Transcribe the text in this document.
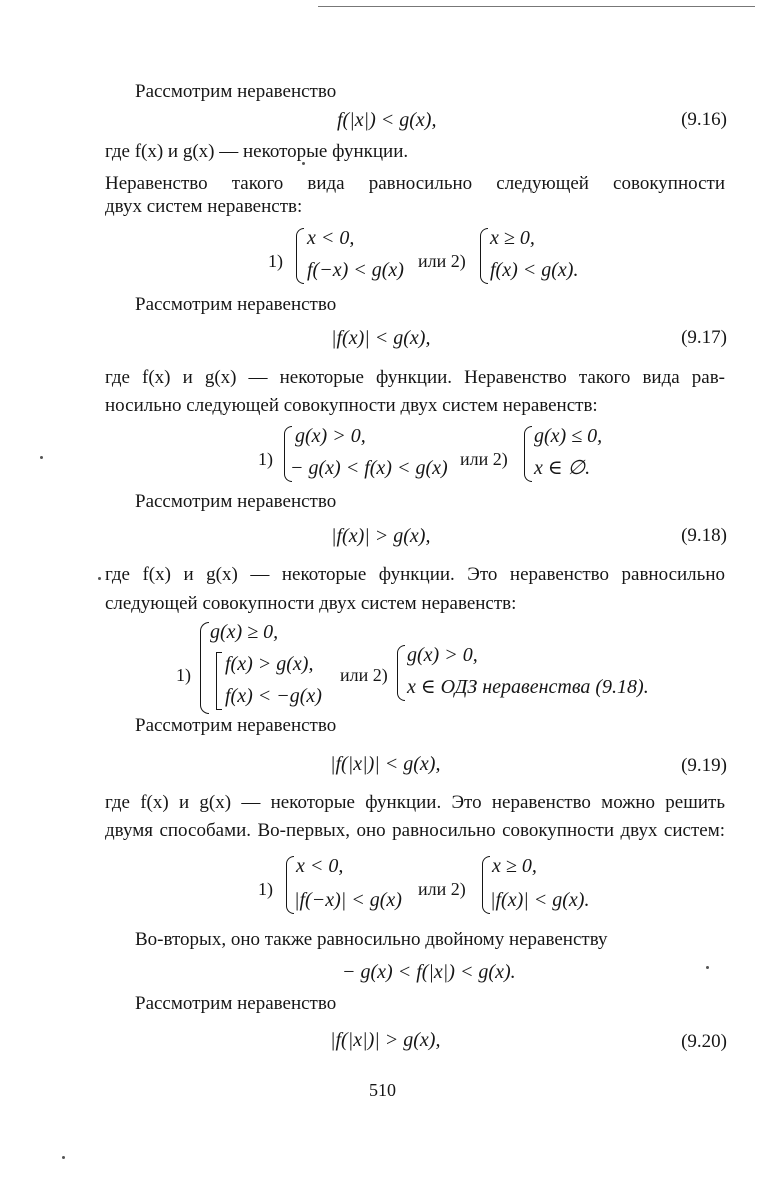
Рассмотрим неравенство
f(|x|) < g(x),	(9.16)
где f(x) и g(x) — некоторые функции.
Неравенство такого вида равносильно следующей совокупности
двух систем неравенств:
1)
x < 0,
f(−x) < g(x) или 2)
x ≥ 0,
f(x) < g(x).
Рассмотрим неравенство
|f(x)| < g(x),	(9.17)
где f(x) и g(x) — некоторые функции. Неравенство такого вида рав-
носильно следующей совокупности двух систем неравенств:
1)
g(x) > 0,
− g(x) < f(x) < g(x) или 2)
g(x) ≤ 0,
x ∈ ∅.
Рассмотрим неравенство
|f(x)| > g(x),	(9.18)
где f(x) и g(x) — некоторые функции. Это неравенство равносильно
следующей совокупности двух систем неравенств:
1)
g(x) ≥ 0,
f(x) > g(x),
f(x) < −g(x)
или 2)
g(x) > 0,
x ∈ ОДЗ неравенства (9.18).
Рассмотрим неравенство
|f(|x|)| < g(x),	(9.19)
где f(x) и g(x) — некоторые функции. Это неравенство можно решить
двумя способами. Во-первых, оно равносильно совокупности двух систем:
1)
x < 0,
|f(−x)| < g(x) или 2)
x ≥ 0,
|f(x)| < g(x).
Во-вторых, оно также равносильно двойному неравенству
− g(x) < f(|x|) < g(x).
Рассмотрим неравенство
|f(|x|)| > g(x),	(9.20)
510
